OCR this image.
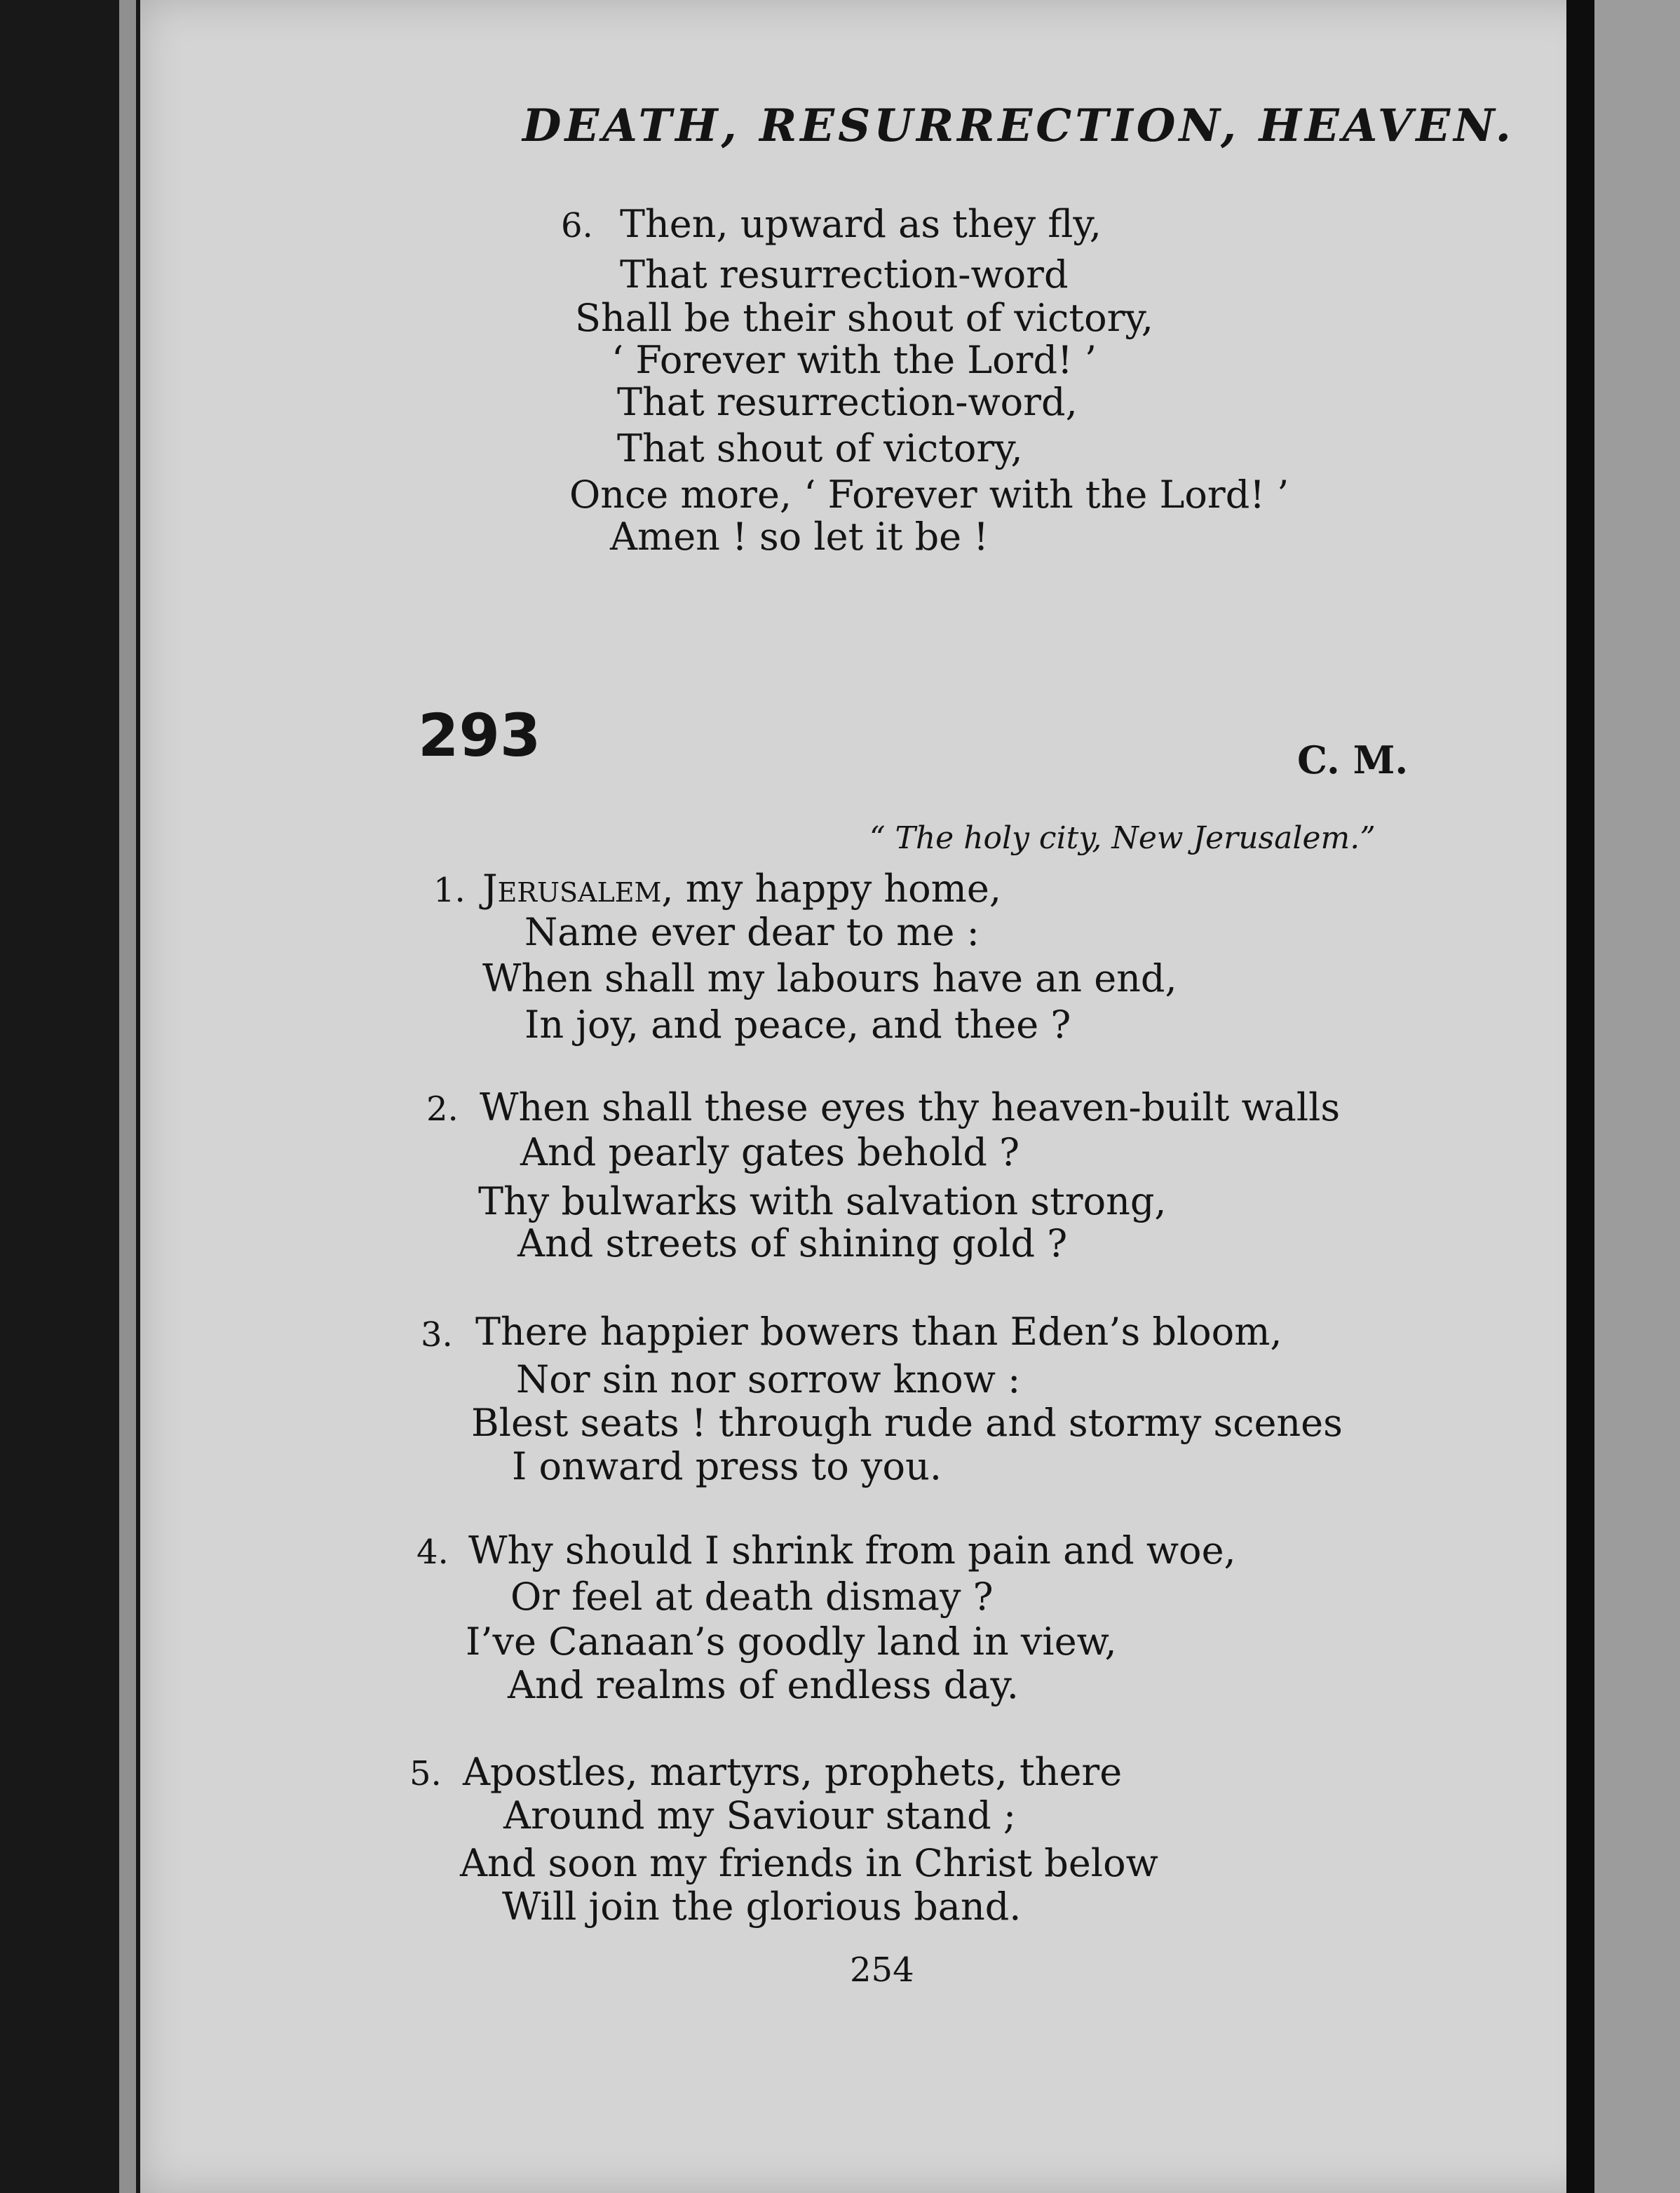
DEATH, RESURRECTION, HEAVEN.
6. Then, upward as they fly,
That resurrection-word
Shall be their shout of victory,
‘ Forever with the Lord! ’
That resurrection-word,
That shout of victory,
Once more, ‘ Forever with the Lord! ’
Amen ! so let it be !
293	C. M.

“ The holy city, New Jerusalem.”

1. Jerusalem, my happy home,
Name ever dear to me :
When shall my labours have an end,
In joy, and peace, and thee ?
2. When shall these eyes thy heaven-built walls
And pearly gates behold ?
Thy bulwarks with salvation strong,
And streets of shining gold ?
3. There happier bowers than Eden’s bloom,
Nor sin nor sorrow know :
Blest seats ! through rude and stormy scenes
I onward press to you.
4. Why should I shrink from pain and woe,
Or feel at death dismay ?
I’ve Canaan’s goodly land in view,
And realms of endless day.
5. Apostles, martyrs, prophets, there
Around my Saviour stand ;
And soon my friends in Christ below
Will join the glorious band.

254
